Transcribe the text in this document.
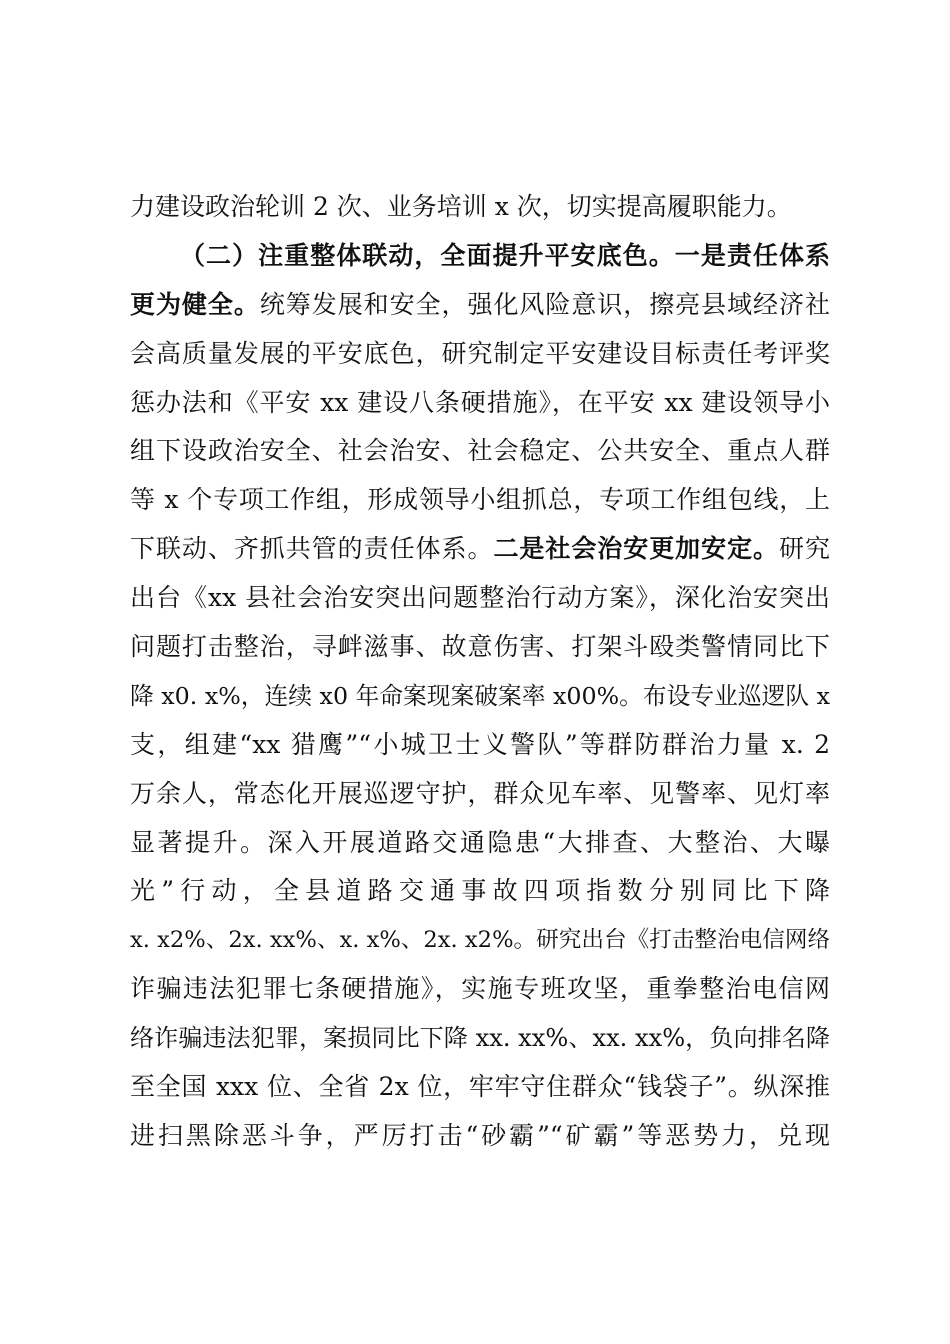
力建设政治轮训 2 次、业务培训 x 次，切实提高履职能力。
（二）注重整体联动，全面提升平安底色。一是责任体系
更为健全。统筹发展和安全，强化风险意识，擦亮县域经济社
会高质量发展的平安底色，研究制定平安建设目标责任考评奖
惩办法和《平安 xx 建设八条硬措施》，在平安 xx 建设领导小
组下设政治安全、社会治安、社会稳定、公共安全、重点人群
等 x 个专项工作组，形成领导小组抓总，专项工作组包线，上
下联动、齐抓共管的责任体系。二是社会治安更加安定。研究
出台《xx 县社会治安突出问题整治行动方案》，深化治安突出
问题打击整治，寻衅滋事、故意伤害、打架斗殴类警情同比下
降 x0. x%，连续 x0 年命案现案破案率 x00%。布设专业巡逻队 x
支，组建“xx 猎鹰”“小城卫士义警队”等群防群治力量 x. 2
万余人，常态化开展巡逻守护，群众见车率、见警率、见灯率
显著提升。深入开展道路交通隐患“大排查、大整治、大曝
光”行动，全县道路交通事故四项指数分别同比下降
x. x2%、2x. xx%、x. x%、2x. x2%。研究出台《打击整治电信网络
诈骗违法犯罪七条硬措施》，实施专班攻坚，重拳整治电信网
络诈骗违法犯罪，案损同比下降 xx. xx%、xx. xx%，负向排名降
至全国 xxx 位、全省 2x 位，牢牢守住群众“钱袋子”。纵深推
进扫黑除恶斗争，严厉打击“砂霸”“矿霸”等恶势力，兑现
